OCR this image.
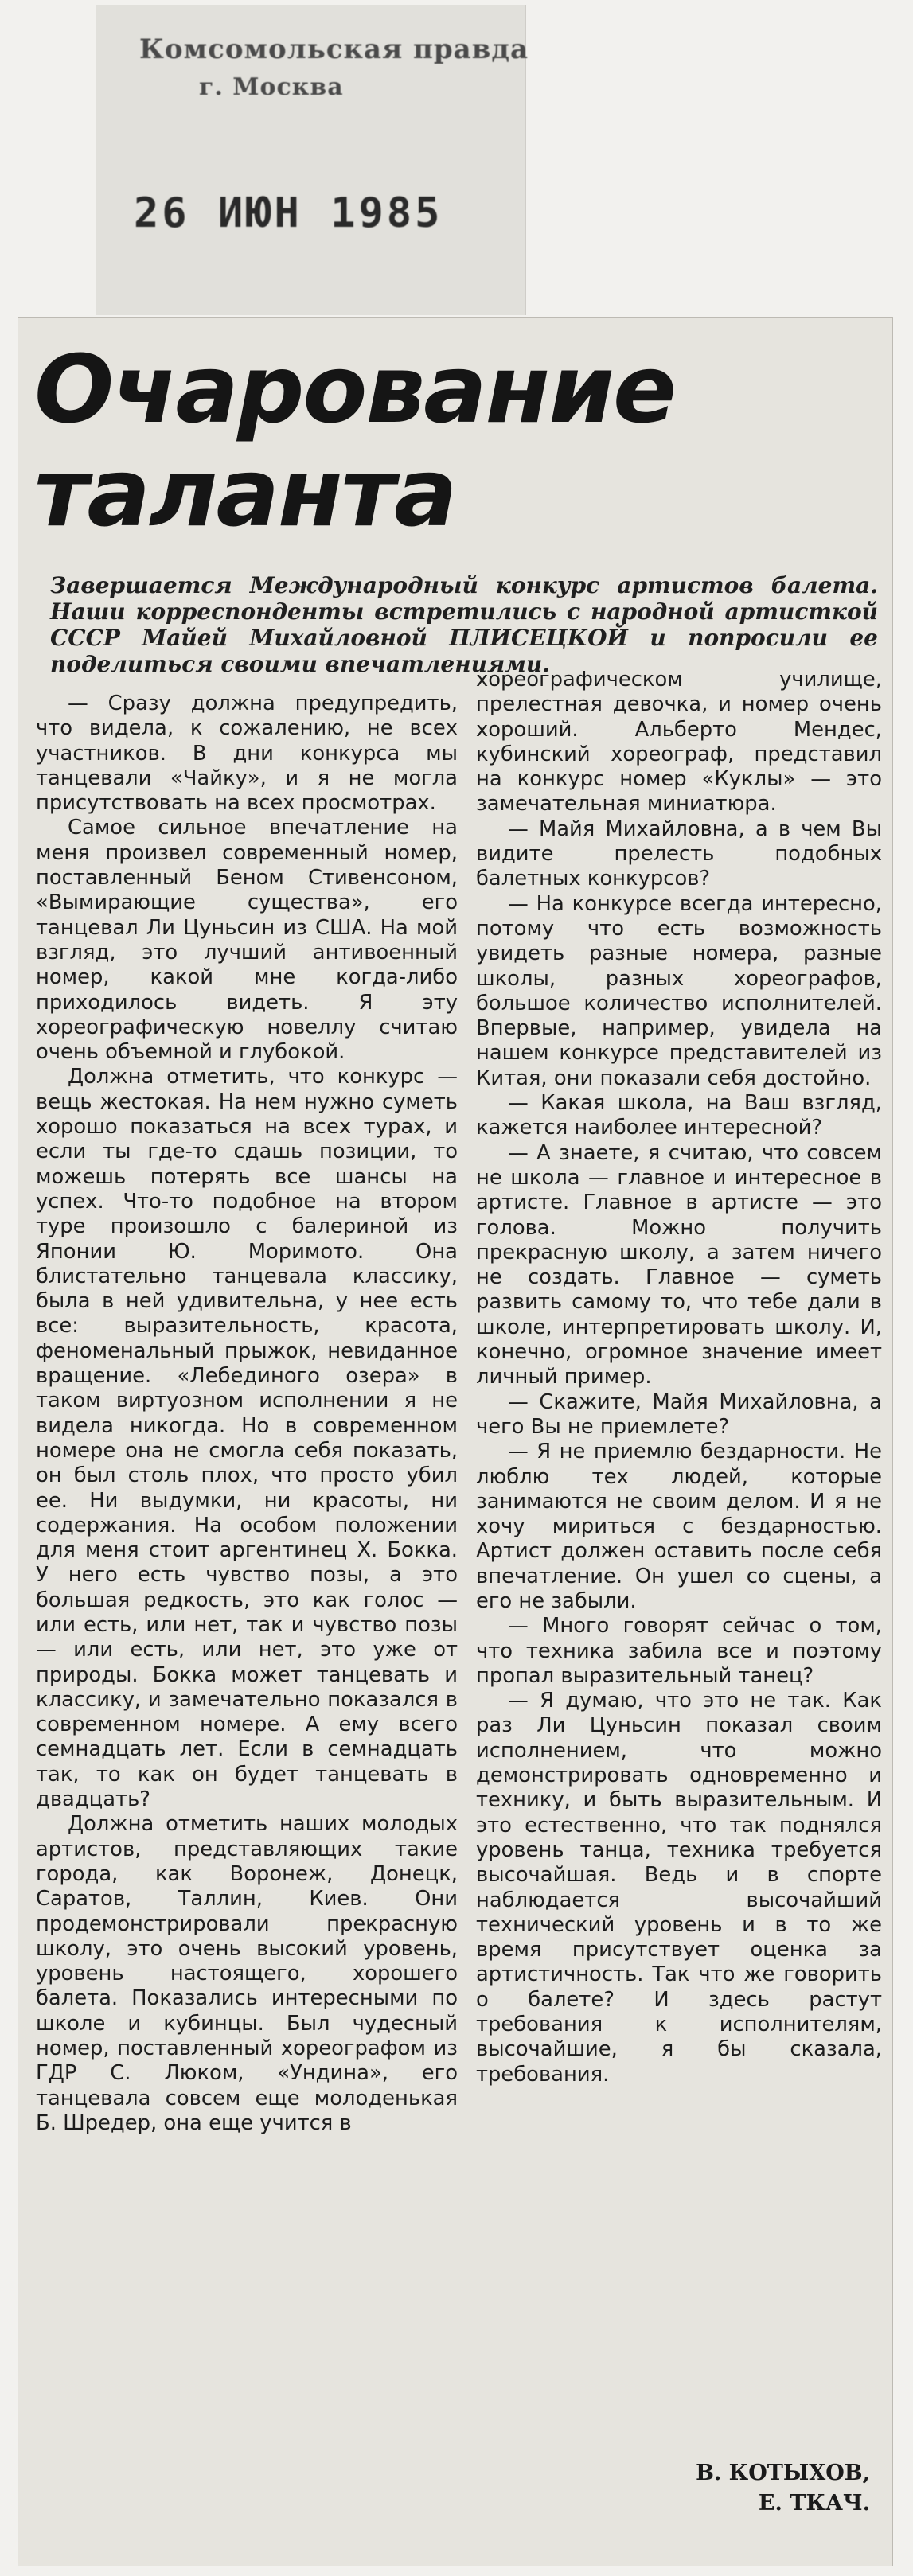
Комсомольская правда
г. Москва
26 ИЮН 1985

Очарование таланта
Завершается Международный конкурс артистов балета. Наши корреспонденты встретились с народной артисткой СССР Майей Михайловной ПЛИСЕЦКОЙ и попросили ее поделиться своими впечатлениями.

— Сразу должна предупредить, что видела, к сожалению, не всех участников. В дни конкурса мы танцевали «Чайку», и я не могла присутствовать на всех просмотрах.

Самое сильное впечатление на меня произвел современный номер, поставленный Беном Стивенсоном, «Вымирающие существа», его танцевал Ли Цуньсин из США. На мой взгляд, это лучший антивоенный номер, какой мне когда-либо приходилось видеть. Я эту хореографическую новеллу считаю очень объемной и глубокой.

Должна отметить, что конкурс — вещь жестокая. На нем нужно суметь хорошо показаться на всех турах, и если ты где-то сдашь позиции, то можешь потерять все шансы на успех. Что-то подобное на втором туре произошло с балериной из Японии Ю. Моримото. Она блистательно танцевала классику, была в ней удивительна, у нее есть все: выразительность, красота, феноменальный прыжок, невиданное вращение. «Лебединого озера» в таком виртуозном исполнении я не видела никогда. Но в современном номере она не смогла себя показать, он был столь плох, что просто убил ее. Ни выдумки, ни красоты, ни содержания. На особом положении для меня стоит аргентинец Х. Бокка. У него есть чувство позы, а это большая редкость, это как голос — или есть, или нет, так и чувство позы — или есть, или нет, это уже от природы. Бокка может танцевать и классику, и замечательно показался в современном номере. А ему всего семнадцать лет. Если в семнадцать так, то как он будет танцевать в двадцать?

Должна отметить наших молодых артистов, представляющих такие города, как Воронеж, Донецк, Саратов, Таллин, Киев. Они продемонстрировали прекрасную школу, это очень высокий уровень, уровень настоящего, хорошего балета. Показались интересными по школе и кубинцы. Был чудесный номер, поставленный хореографом из ГДР С. Люком, «Ундина», его танцевала совсем еще молоденькая Б. Шредер, она еще учится в

хореографическом училище, прелестная девочка, и номер очень хороший. Альберто Мендес, кубинский хореограф, представил на конкурс номер «Куклы» — это замечательная миниатюра.

— Майя Михайловна, а в чем Вы видите прелесть подобных балетных конкурсов?

— На конкурсе всегда интересно, потому что есть возможность увидеть разные номера, разные школы, разных хореографов, большое количество исполнителей. Впервые, например, увидела на нашем конкурсе представителей из Китая, они показали себя достойно.

— Какая школа, на Ваш взгляд, кажется наиболее интересной?

— А знаете, я считаю, что совсем не школа — главное и интересное в артисте. Главное в артисте — это голова. Можно получить прекрасную школу, а затем ничего не создать. Главное — суметь развить самому то, что тебе дали в школе, интерпретировать школу. И, конечно, огромное значение имеет личный пример.

— Скажите, Майя Михайловна, а чего Вы не приемлете?

— Я не приемлю бездарности. Не люблю тех людей, которые занимаются не своим делом. И я не хочу мириться с бездарностью. Артист должен оставить после себя впечатление. Он ушел со сцены, а его не забыли.

— Много говорят сейчас о том, что техника забила все и поэтому пропал выразительный танец?

— Я думаю, что это не так. Как раз Ли Цуньсин показал своим исполнением, что можно демонстрировать одновременно и технику, и быть выразительным. И это естественно, что так поднялся уровень танца, техника требуется высочайшая. Ведь и в спорте наблюдается высочайший технический уровень и в то же время присутствует оценка за артистичность. Так что же говорить о балете? И здесь растут требования к исполнителям, высочайшие, я бы сказала, требования.

В. КОТЫХОВ,
Е. ТКАЧ.
